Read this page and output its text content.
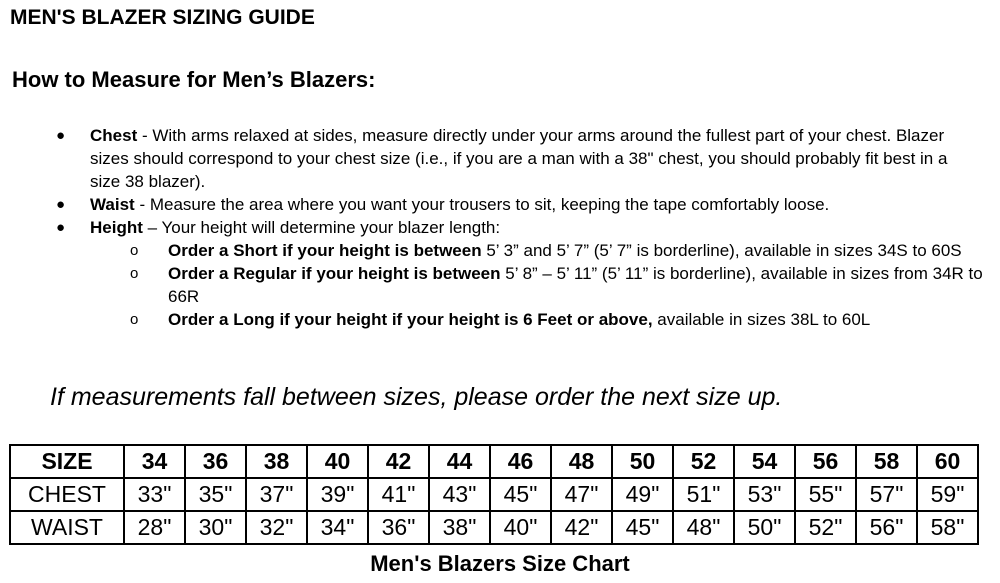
MEN'S BLAZER SIZING GUIDE
How to Measure for Men’s Blazers:
● Chest - With arms relaxed at sides, measure directly under your arms around the fullest part of your chest. Blazer sizes should correspond to your chest size (i.e., if you are a man with a 38" chest, you should probably fit best in a size 38 blazer).
● Waist - Measure the area where you want your trousers to sit, keeping the tape comfortably loose.
● Height – Your height will determine your blazer length:
o Order a Short if your height is between 5’ 3” and 5’ 7” (5’ 7” is borderline), available in sizes 34S to 60S
o Order a Regular if your height is between 5’ 8” – 5’ 11” (5’ 11” is borderline), available in sizes from 34R to 66R
o Order a Long if your height if your height is 6 Feet or above, available in sizes 38L to 60L
If measurements fall between sizes, please order the next size up.
SIZE	34	36	38	40	42	44	46	48	50	52	54	56	58	60
CHEST	33"	35"	37"	39"	41"	43"	45"	47"	49"	51"	53"	55"	57"	59"
WAIST	28"	30"	32"	34"	36"	38"	40"	42"	45"	48"	50"	52"	56"	58"
Men's Blazers Size Chart
